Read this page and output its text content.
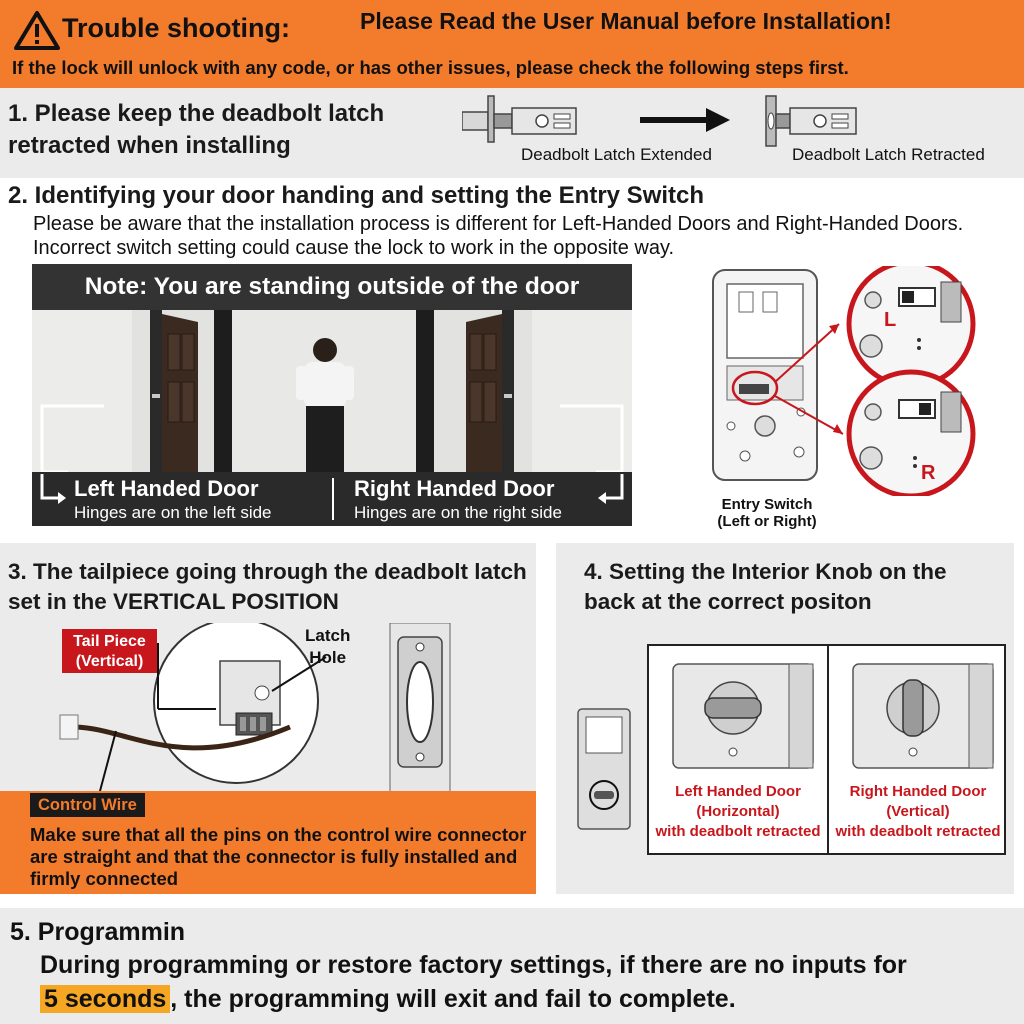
Trouble shooting:	Please Read the User Manual before Installation!
If the lock will unlock with any code, or has other issues, please check the following steps first.
1. Please keep the deadbolt latch retracted when installing	Deadbolt Latch Extended	Deadbolt Latch Retracted
2. Identifying your door handing and setting the Entry Switch
Please be aware that the installation process is different for Left-Handed Doors and Right-Handed Doors. Incorrect switch setting could cause the lock to work in the opposite way.
Note: You are standing outside of the door
Left Handed Door
Hinges are on the left side
Right Handed Door
Hinges are on the right side
L
R
Entry Switch
(Left or Right)
3. The tailpiece going through the deadbolt latch set in the VERTICAL POSITION
Tail Piece
(Vertical)
Latch
Hole
Control Wire
Make sure that all the pins on the control wire connector are straight and that the connector is fully installed and firmly connected
4. Setting the Interior Knob on the back at the correct positon
Left Handed Door
(Horizontal)
with deadbolt retracted
Right Handed Door
(Vertical)
with deadbolt retracted
5. Programmin
During programming or restore factory settings, if there are no inputs for
5 seconds , the programming will exit and fail to complete.
